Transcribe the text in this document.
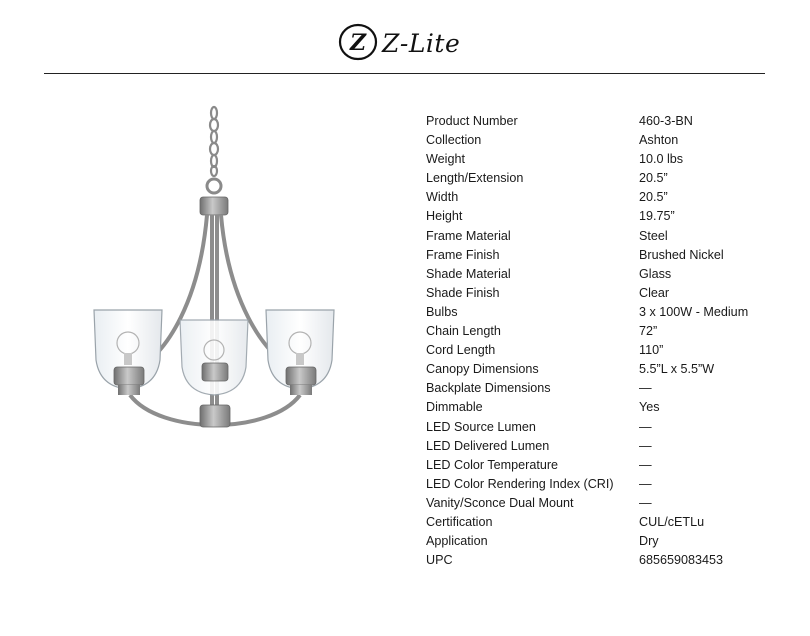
Z Z-Lite
Product Number	460-3-BN
Collection	Ashton
Weight	10.0 lbs
Length/Extension	20.5”
Width	20.5”
Height	19.75”
Frame Material	Steel
Frame Finish	Brushed Nickel
Shade Material	Glass
Shade Finish	Clear
Bulbs	3 x 100W - Medium
Chain Length	72”
Cord Length	110”
Canopy Dimensions	5.5”L x 5.5”W
Backplate Dimensions	—
Dimmable	Yes
LED Source Lumen	—
LED Delivered Lumen	—
LED Color Temperature	—
LED Color Rendering Index (CRI)	—
Vanity/Sconce Dual Mount	—
Certification	CUL/cETLu
Application	Dry
UPC	685659083453
